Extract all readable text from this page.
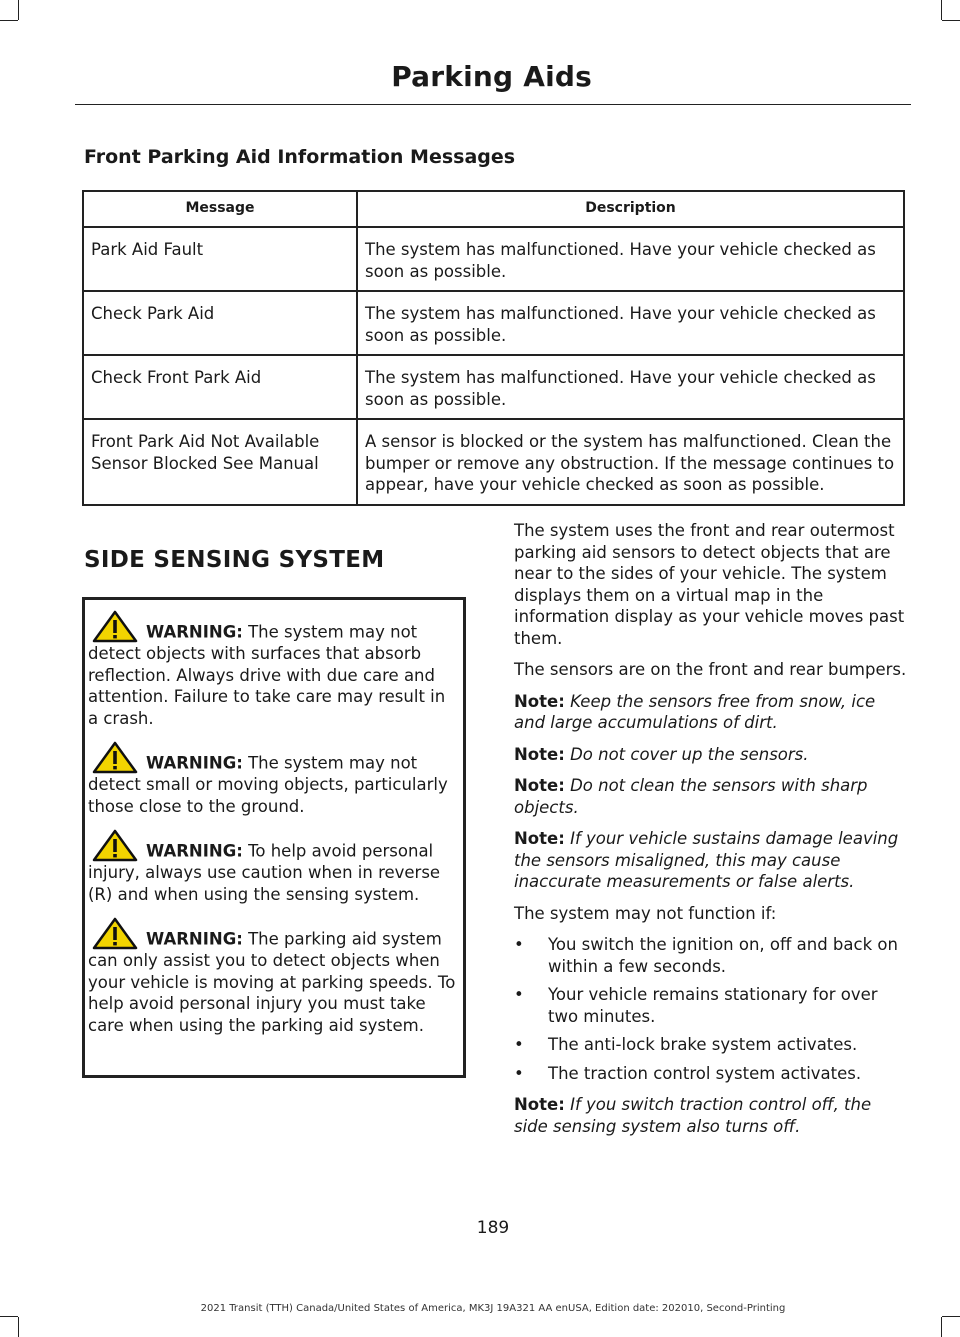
Parking Aids
Front Parking Aid Information Messages
Message	Description
Park Aid Fault	The system has malfunctioned. Have your vehicle checked as soon as possible.
Check Park Aid	The system has malfunctioned. Have your vehicle checked as soon as possible.
Check Front Park Aid	The system has malfunctioned. Have your vehicle checked as soon as possible.
Front Park Aid Not Available Sensor Blocked See Manual	A sensor is blocked or the system has malfunctioned. Clean the bumper or remove any obstruction. If the message continues to appear, have your vehicle checked as soon as possible.
SIDE SENSING SYSTEM
WARNING: The system may not detect objects with surfaces that absorb reflection. Always drive with due care and attention. Failure to take care may result in a crash.
WARNING: The system may not detect small or moving objects, particularly those close to the ground.
WARNING: To help avoid personal injury, always use caution when in reverse (R) and when using the sensing system.
WARNING: The parking aid system can only assist you to detect objects when your vehicle is moving at parking speeds. To help avoid personal injury you must take care when using the parking aid system.

The system uses the front and rear outermost parking aid sensors to detect objects that are near to the sides of your vehicle. The system displays them on a virtual map in the information display as your vehicle moves past them.

The sensors are on the front and rear bumpers.

Note: Keep the sensors free from snow, ice and large accumulations of dirt.

Note: Do not cover up the sensors.

Note: Do not clean the sensors with sharp objects.

Note: If your vehicle sustains damage leaving the sensors misaligned, this may cause inaccurate measurements or false alerts.

The system may not function if:

• You switch the ignition on, off and back on within a few seconds.
• Your vehicle remains stationary for over two minutes.
• The anti-lock brake system activates.
• The traction control system activates.

Note: If you switch traction control off, the side sensing system also turns off.

189
2021 Transit (TTH) Canada/United States of America, MK3J 19A321 AA enUSA, Edition date: 202010, Second-Printing
